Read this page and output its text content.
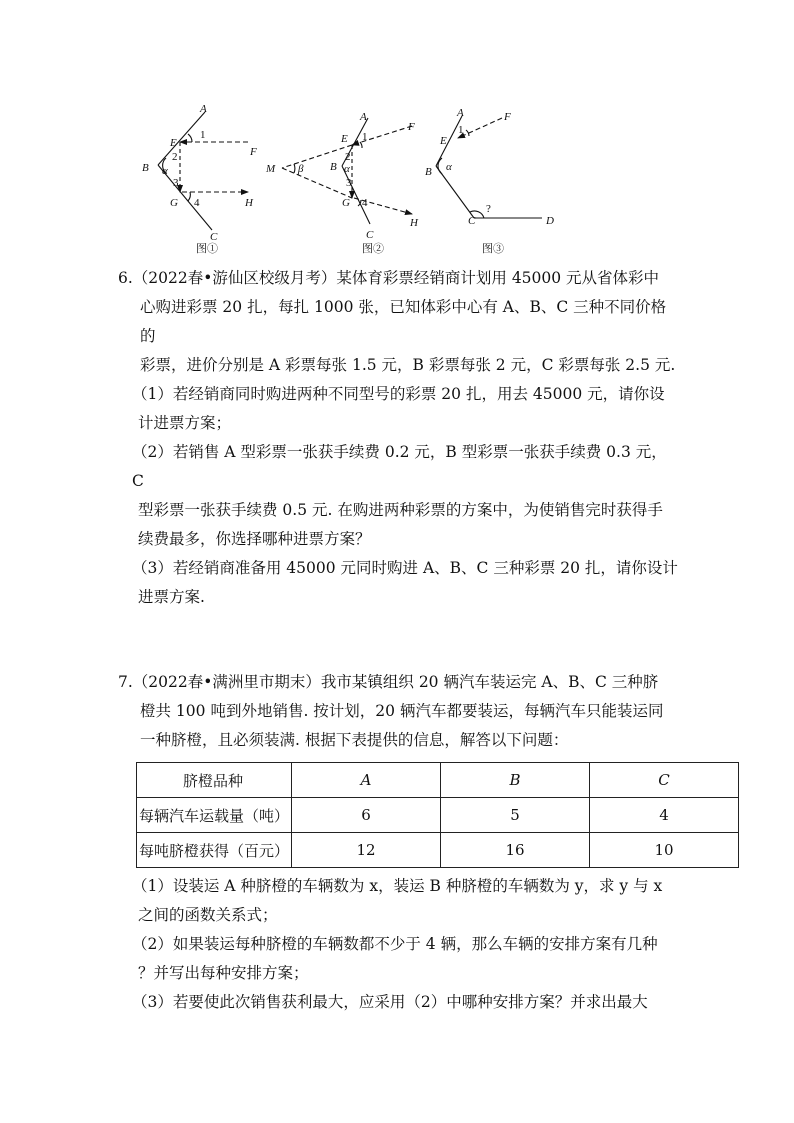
A
E
F
B
G	H
C
1
2
3
4
α
图①
A
E
F
M	B
G
H
C
1
2
3
4
α
β
图②
A
E
F
B
C	D
1
α
?
图③

6.（2022春•游仙区校级月考）某体育彩票经销商计划用 45000 元从省体彩中

心购进彩票 20 扎，每扎 1000 张，已知体彩中心有 A、B、C 三种不同价格的

彩票，进价分别是 A 彩票每张 1.5 元，B 彩票每张 2 元，C 彩票每张 2.5 元.

（1）若经销商同时购进两种不同型号的彩票 20 扎，用去 45000 元，请你设

计进票方案；

（2）若销售 A 型彩票一张获手续费 0.2 元，B 型彩票一张获手续费 0.3 元，C

型彩票一张获手续费 0.5 元. 在购进两种彩票的方案中，为使销售完时获得手

续费最多，你选择哪种进票方案？

（3）若经销商准备用 45000 元同时购进 A、B、C 三种彩票 20 扎，请你设计

进票方案.

7.（2022春•满洲里市期末）我市某镇组织 20 辆汽车装运完 A、B、C 三种脐

橙共 100 吨到外地销售. 按计划，20 辆汽车都要装运，每辆汽车只能装运同

一种脐橙，且必须装满. 根据下表提供的信息，解答以下问题：

脐橙品种	A	B	C
每辆汽车运载量（吨）	6	5	4
每吨脐橙获得（百元）	12	16	10

（1）设装运 A 种脐橙的车辆数为 x，装运 B 种脐橙的车辆数为 y，求 y 与 x

之间的函数关系式；

（2）如果装运每种脐橙的车辆数都不少于 4 辆，那么车辆的安排方案有几种

？并写出每种安排方案；

（3）若要使此次销售获利最大，应采用（2）中哪种安排方案？并求出最大
